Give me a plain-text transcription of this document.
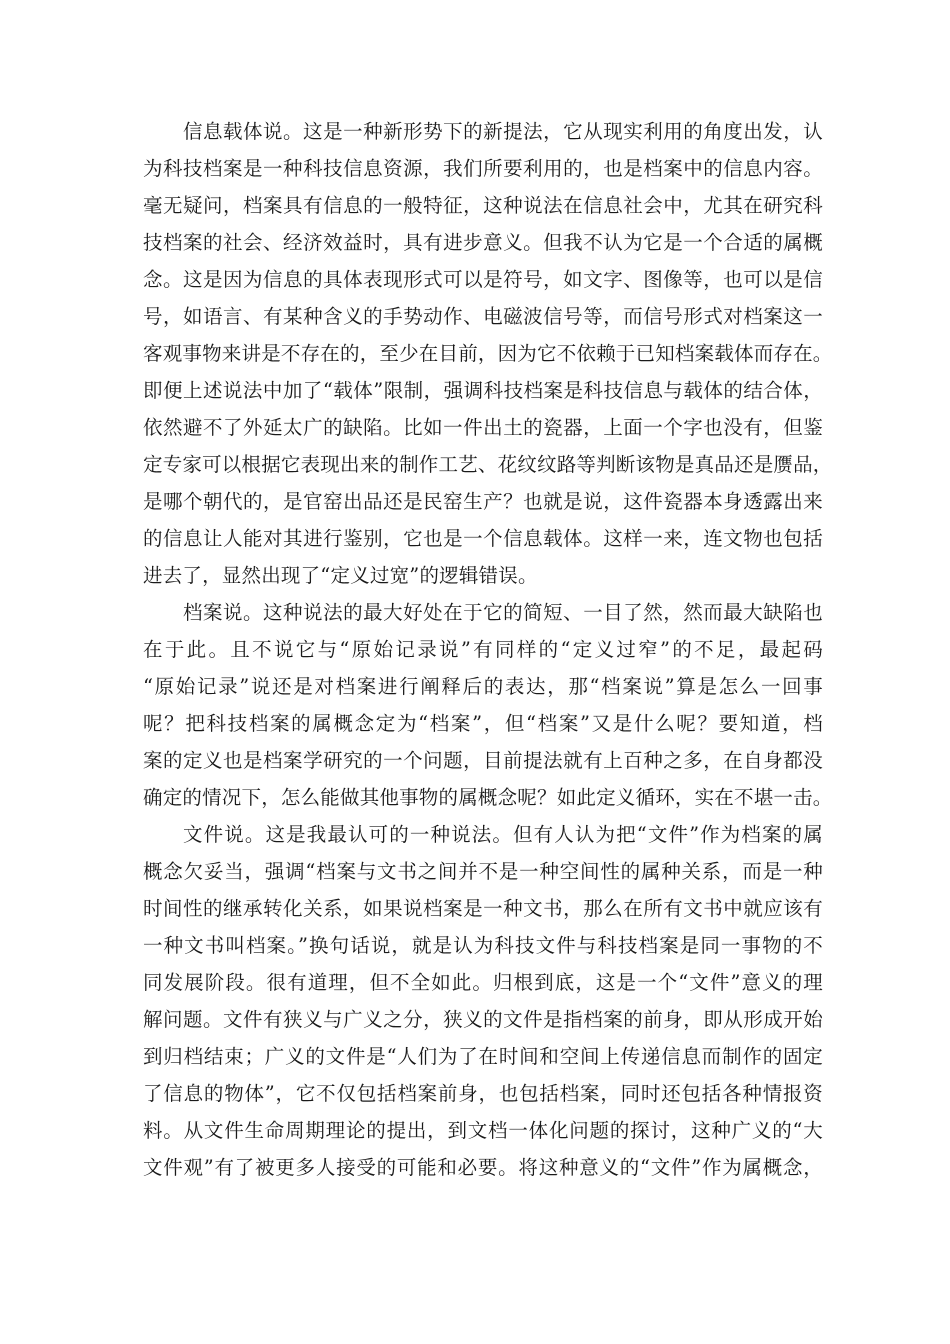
信息载体说。这是一种新形势下的新提法，它从现实利用的角度出发，认
为科技档案是一种科技信息资源，我们所要利用的，也是档案中的信息内容。
毫无疑问，档案具有信息的一般特征，这种说法在信息社会中，尤其在研究科
技档案的社会、经济效益时，具有进步意义。但我不认为它是一个合适的属概
念。这是因为信息的具体表现形式可以是符号，如文字、图像等，也可以是信
号，如语言、有某种含义的手势动作、电磁波信号等，而信号形式对档案这一
客观事物来讲是不存在的，至少在目前，因为它不依赖于已知档案载体而存在。
即便上述说法中加了“载体”限制，强调科技档案是科技信息与载体的结合体，
依然避不了外延太广的缺陷。比如一件出土的瓷器，上面一个字也没有，但鉴
定专家可以根据它表现出来的制作工艺、花纹纹路等判断该物是真品还是赝品，
是哪个朝代的，是官窑出品还是民窑生产？也就是说，这件瓷器本身透露出来
的信息让人能对其进行鉴别，它也是一个信息载体。这样一来，连文物也包括
进去了，显然出现了“定义过宽”的逻辑错误。
档案说。这种说法的最大好处在于它的简短、一目了然，然而最大缺陷也
在于此。且不说它与“原始记录说”有同样的“定义过窄”的不足，最起码
“原始记录”说还是对档案进行阐释后的表达，那“档案说”算是怎么一回事
呢？把科技档案的属概念定为“档案”，但“档案”又是什么呢？要知道，档
案的定义也是档案学研究的一个问题，目前提法就有上百种之多，在自身都没
确定的情况下，怎么能做其他事物的属概念呢？如此定义循环，实在不堪一击。
文件说。这是我最认可的一种说法。但有人认为把“文件”作为档案的属
概念欠妥当，强调“档案与文书之间并不是一种空间性的属种关系，而是一种
时间性的继承转化关系，如果说档案是一种文书，那么在所有文书中就应该有
一种文书叫档案。”换句话说，就是认为科技文件与科技档案是同一事物的不
同发展阶段。很有道理，但不全如此。归根到底，这是一个“文件”意义的理
解问题。文件有狭义与广义之分，狭义的文件是指档案的前身，即从形成开始
到归档结束；广义的文件是“人们为了在时间和空间上传递信息而制作的固定
了信息的物体”，它不仅包括档案前身，也包括档案，同时还包括各种情报资
料。从文件生命周期理论的提出，到文档一体化问题的探讨，这种广义的“大
文件观”有了被更多人接受的可能和必要。将这种意义的“文件”作为属概念，
